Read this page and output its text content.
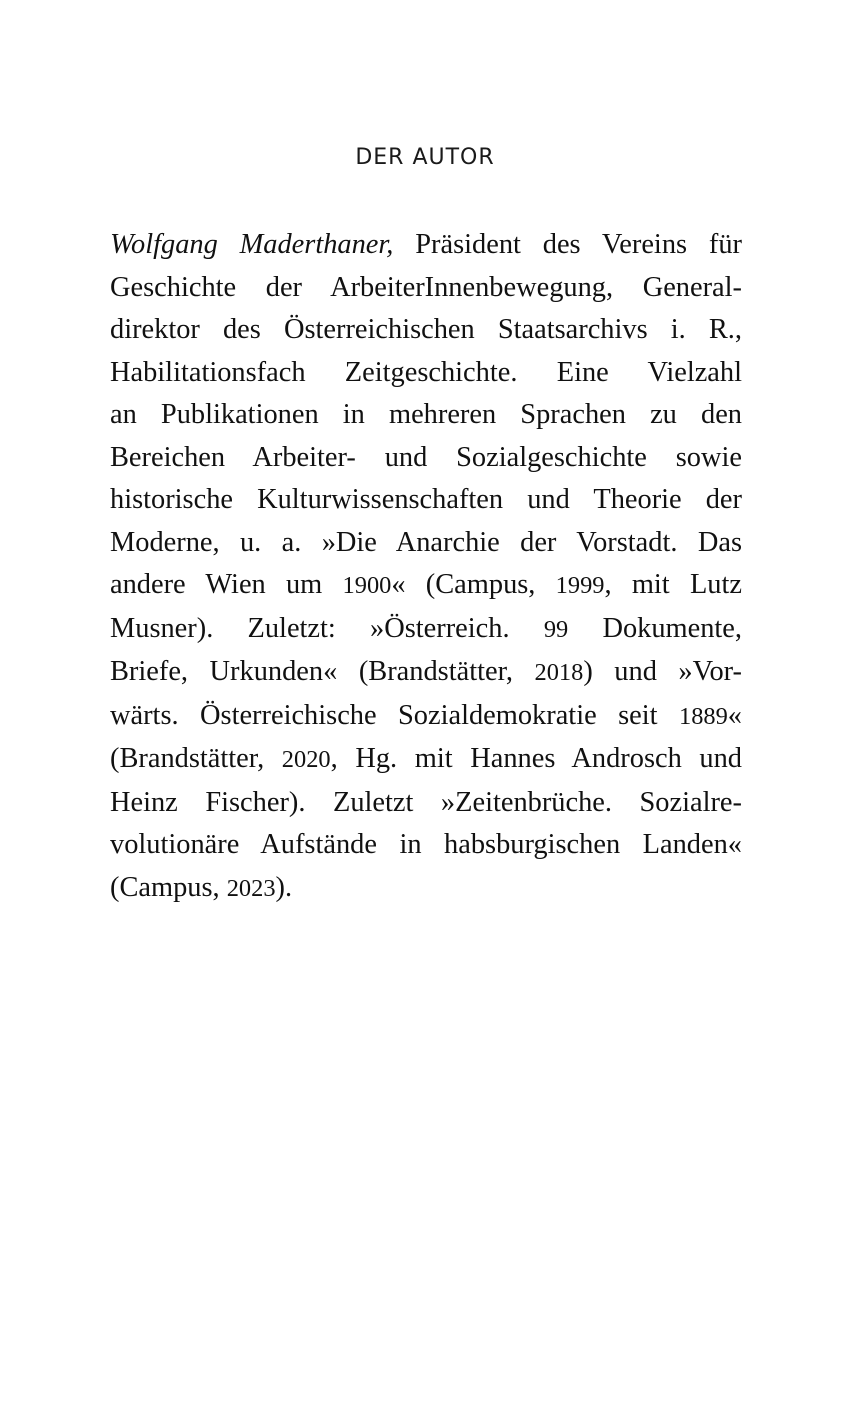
DER AUTOR
Wolfgang Maderthaner, Präsident des Vereins für
Geschichte der ArbeiterInnenbewegung, General-
direktor des Österreichischen Staatsarchivs i. R.,
Habilitationsfach Zeitgeschichte. Eine Vielzahl
an Publikationen in mehreren Sprachen zu den
Bereichen Arbeiter- und Sozialgeschichte sowie
historische Kulturwissenschaften und Theorie der
Moderne, u. a. »Die Anarchie der Vorstadt. Das
andere Wien um 1900« (Campus, 1999, mit Lutz
Musner). Zuletzt: »Österreich. 99 Dokumente,
Briefe, Urkunden« (Brandstätter, 2018) und »Vor-
wärts. Österreichische Sozialdemokratie seit 1889«
(Brandstätter, 2020, Hg. mit Hannes Androsch und
Heinz Fischer). Zuletzt »Zeitenbrüche. Sozialre-
volutionäre Aufstände in habsburgischen Landen«
(Campus, 2023).
